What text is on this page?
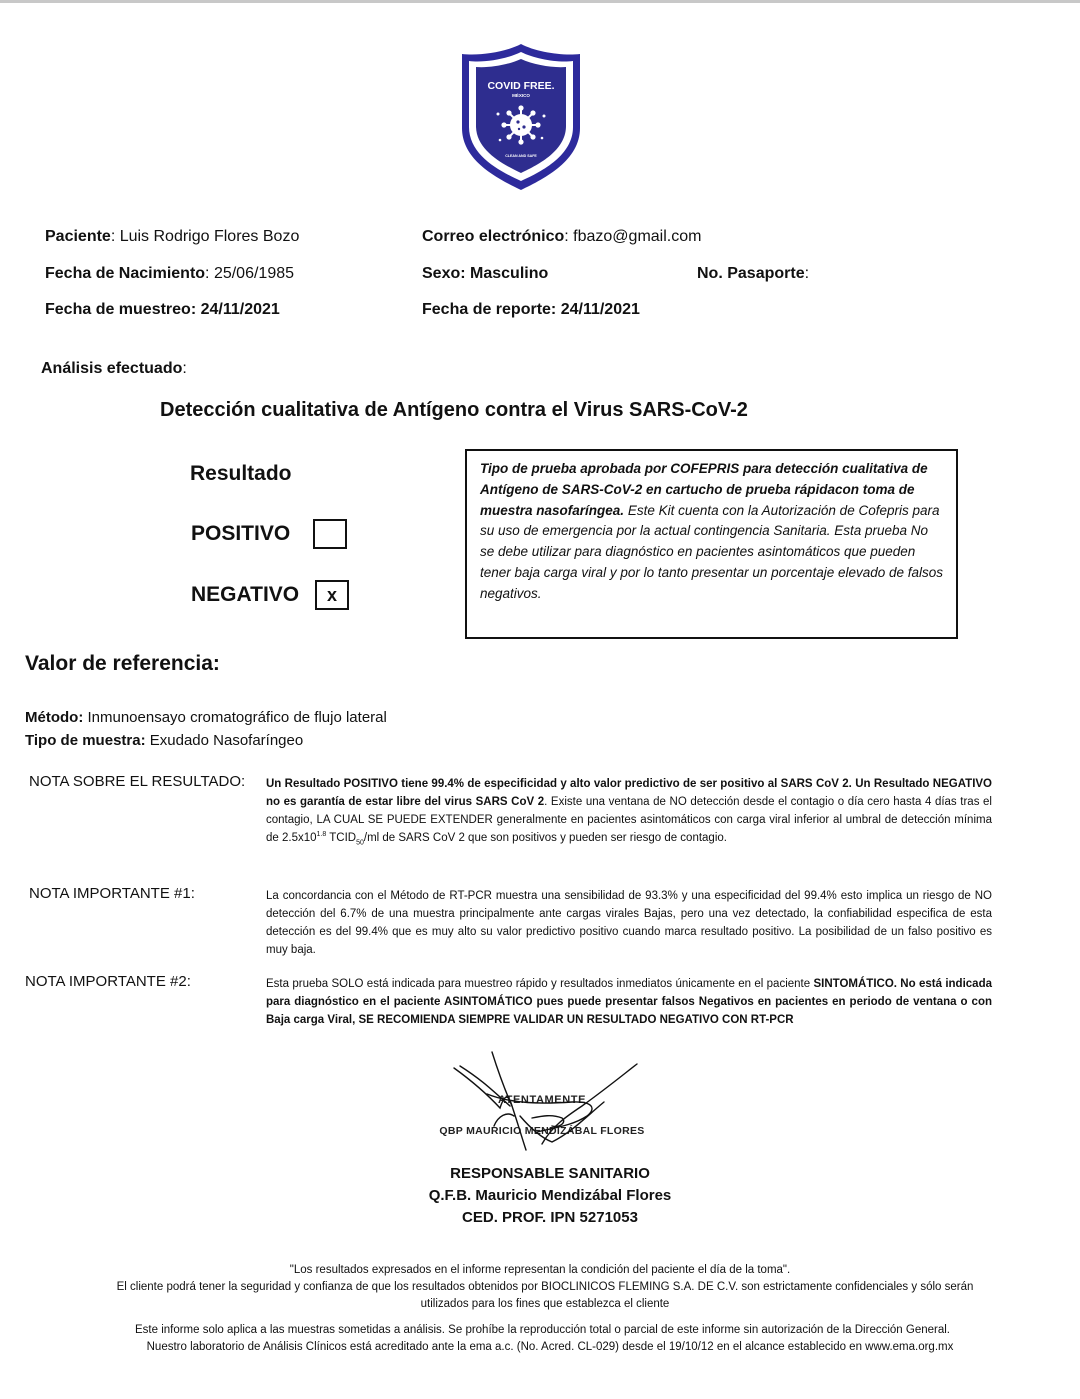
COVID FREE.
MÉXICO
CLEAN AND SAFE
Paciente: Luis Rodrigo Flores Bozo	Correo electrónico: fbazo@gmail.com
Fecha de Nacimiento: 25/06/1985	Sexo: Masculino	No. Pasaporte:
Fecha de muestreo: 24/11/2021	Fecha de reporte: 24/11/2021
Análisis efectuado:
Detección cualitativa de Antígeno contra el Virus SARS-CoV-2
Resultado
POSITIVO
NEGATIVO	x
Tipo de prueba aprobada por COFEPRIS para detección cualitativa de Antígeno de SARS-CoV-2 en cartucho de prueba rápidacon toma de muestra nasofaríngea. Este Kit cuenta con la Autorización de Cofepris para su uso de emergencia por la actual contingencia Sanitaria. Esta prueba No se debe utilizar para diagnóstico en pacientes asintomáticos que pueden tener baja carga viral y por lo tanto presentar un porcentaje elevado de falsos negativos.
Valor de referencia:
Método: Inmunoensayo cromatográfico de flujo lateral
Tipo de muestra: Exudado Nasofaríngeo
NOTA SOBRE EL RESULTADO: Un Resultado POSITIVO tiene 99.4% de especificidad y alto valor predictivo de ser positivo al SARS CoV 2. Un Resultado NEGATIVO no es garantía de estar libre del virus SARS CoV 2. Existe una ventana de NO detección desde el contagio o día cero hasta 4 días tras el contagio, LA CUAL SE PUEDE EXTENDER generalmente en pacientes asintomáticos con carga viral inferior al umbral de detección mínima de $2.5x10^{1.8}$ $TCID_{50}/ml$ de SARS CoV 2 que son positivos y pueden ser riesgo de contagio.
NOTA IMPORTANTE #1:	La concordancia con el Método de RT-PCR muestra una sensibilidad de 93.3% y una especificidad del 99.4% esto implica un riesgo de NO detección del 6.7% de una muestra principalmente ante cargas virales Bajas, pero una vez detectado, la confiabilidad especifica de esta detección es del 99.4% que es muy alto su valor predictivo positivo cuando marca resultado positivo. La posibilidad de un falso positivo es muy baja.
NOTA IMPORTANTE #2:	Esta prueba SOLO está indicada para muestreo rápido y resultados inmediatos únicamente en el paciente SINTOMÁTICO. No está indicada para diagnóstico en el paciente ASINTOMÁTICO pues puede presentar falsos Negativos en pacientes en periodo de ventana o con Baja carga Viral, SE RECOMIENDA SIEMPRE VALIDAR UN RESULTADO NEGATIVO CON RT-PCR
ATENTAMENTE
QBP MAURICIO MENDIZÁBAL FLORES
RESPONSABLE SANITARIO
Q.F.B. Mauricio Mendizábal Flores
CED. PROF. IPN 5271053
"Los resultados expresados en el informe representan la condición del paciente el día de la toma".
El cliente podrá tener la seguridad y confianza de que los resultados obtenidos por BIOCLINICOS FLEMING S.A. DE C.V. son estrictamente confidenciales y sólo serán
utilizados para los fines que establezca el cliente
Este informe solo aplica a las muestras sometidas a análisis. Se prohíbe la reproducción total o parcial de este informe sin autorización de la Dirección General.
Nuestro laboratorio de Análisis Clínicos está acreditado ante la ema a.c. (No. Acred. CL-029) desde el 19/10/12 en el alcance establecido en www.ema.org.mx
